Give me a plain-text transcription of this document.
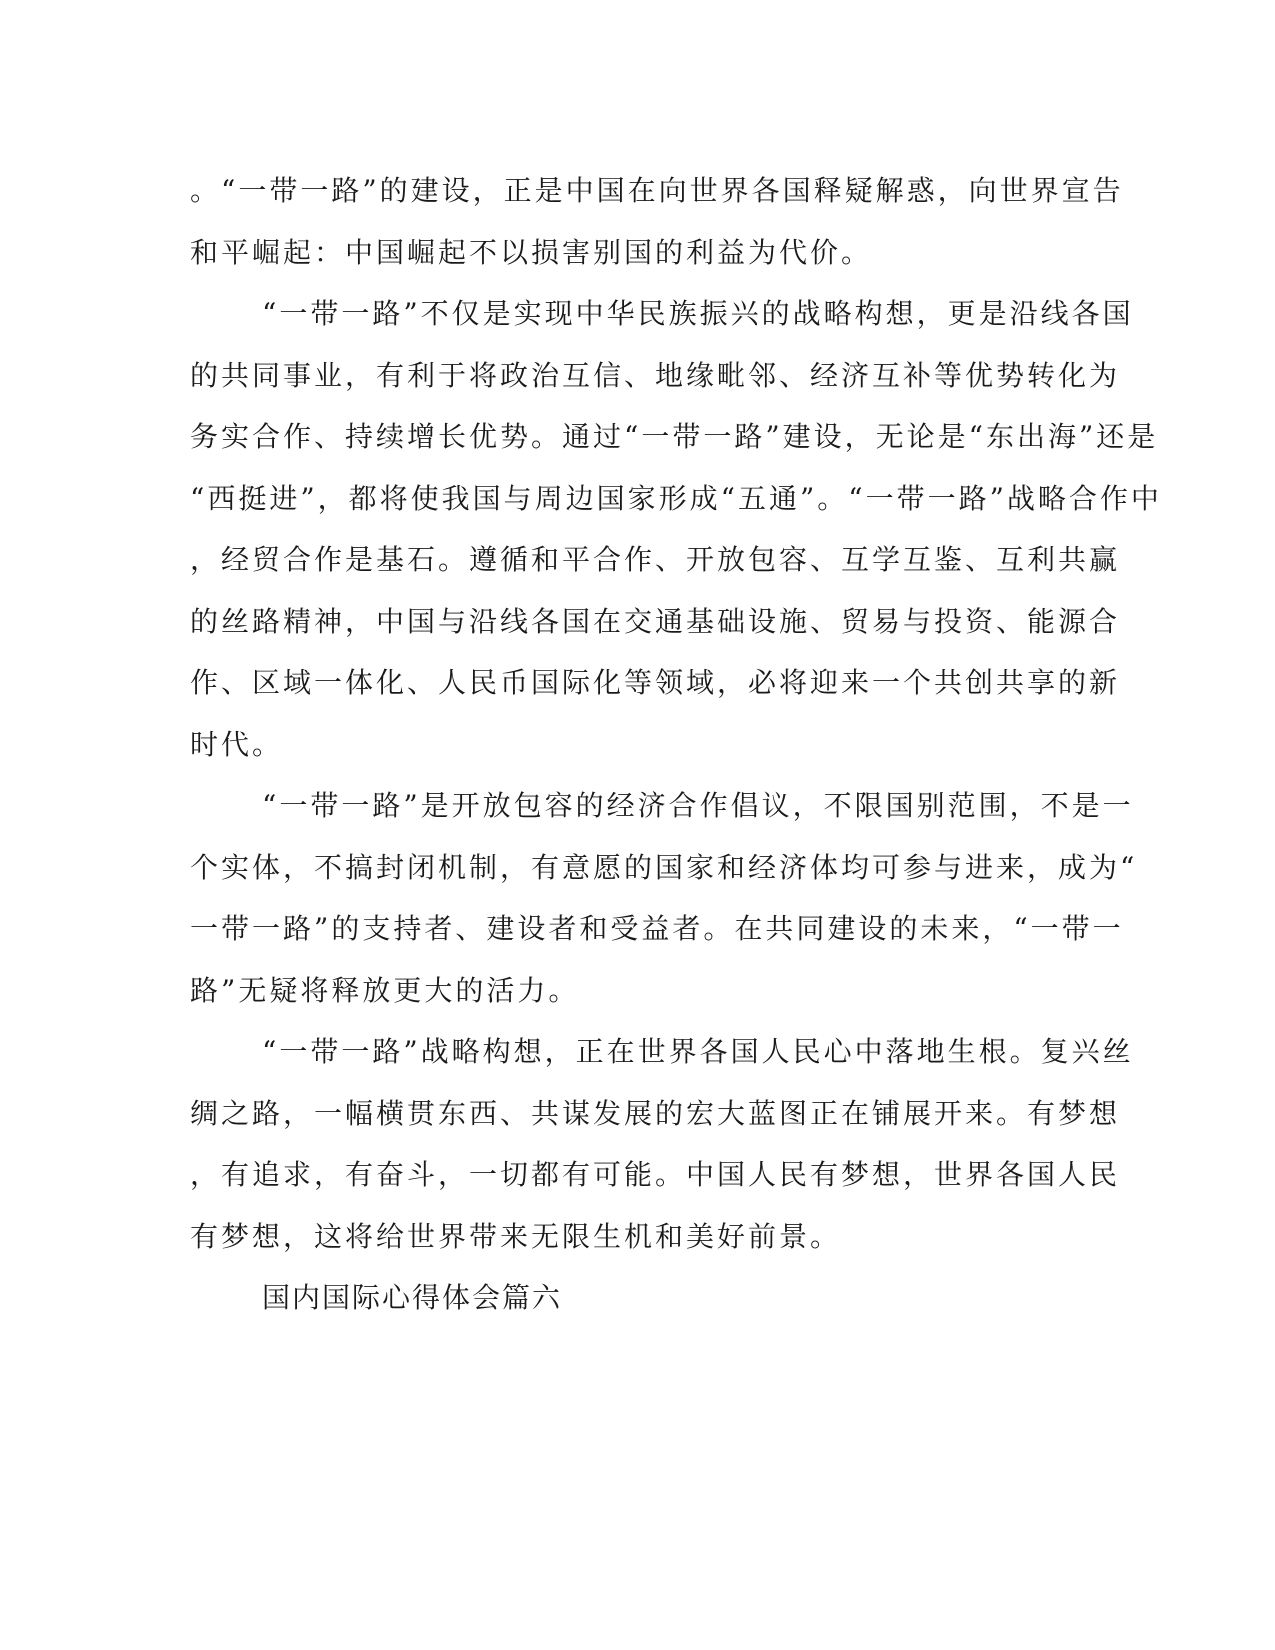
。“一带一路”的建设，正是中国在向世界各国释疑解惑，向世界宣告
和平崛起：中国崛起不以损害别国的利益为代价。
“一带一路”不仅是实现中华民族振兴的战略构想，更是沿线各国
的共同事业，有利于将政治互信、地缘毗邻、经济互补等优势转化为
务实合作、持续增长优势。通过“一带一路”建设，无论是“东出海”还是
“西挺进”，都将使我国与周边国家形成“五通”。“一带一路”战略合作中
，经贸合作是基石。遵循和平合作、开放包容、互学互鉴、互利共赢
的丝路精神，中国与沿线各国在交通基础设施、贸易与投资、能源合
作、区域一体化、人民币国际化等领域，必将迎来一个共创共享的新
时代。
“一带一路”是开放包容的经济合作倡议，不限国别范围，不是一
个实体，不搞封闭机制，有意愿的国家和经济体均可参与进来，成为“
一带一路”的支持者、建设者和受益者。在共同建设的未来，“一带一
路”无疑将释放更大的活力。
“一带一路”战略构想，正在世界各国人民心中落地生根。复兴丝
绸之路，一幅横贯东西、共谋发展的宏大蓝图正在铺展开来。有梦想
，有追求，有奋斗，一切都有可能。中国人民有梦想，世界各国人民
有梦想，这将给世界带来无限生机和美好前景。
国内国际心得体会篇六
